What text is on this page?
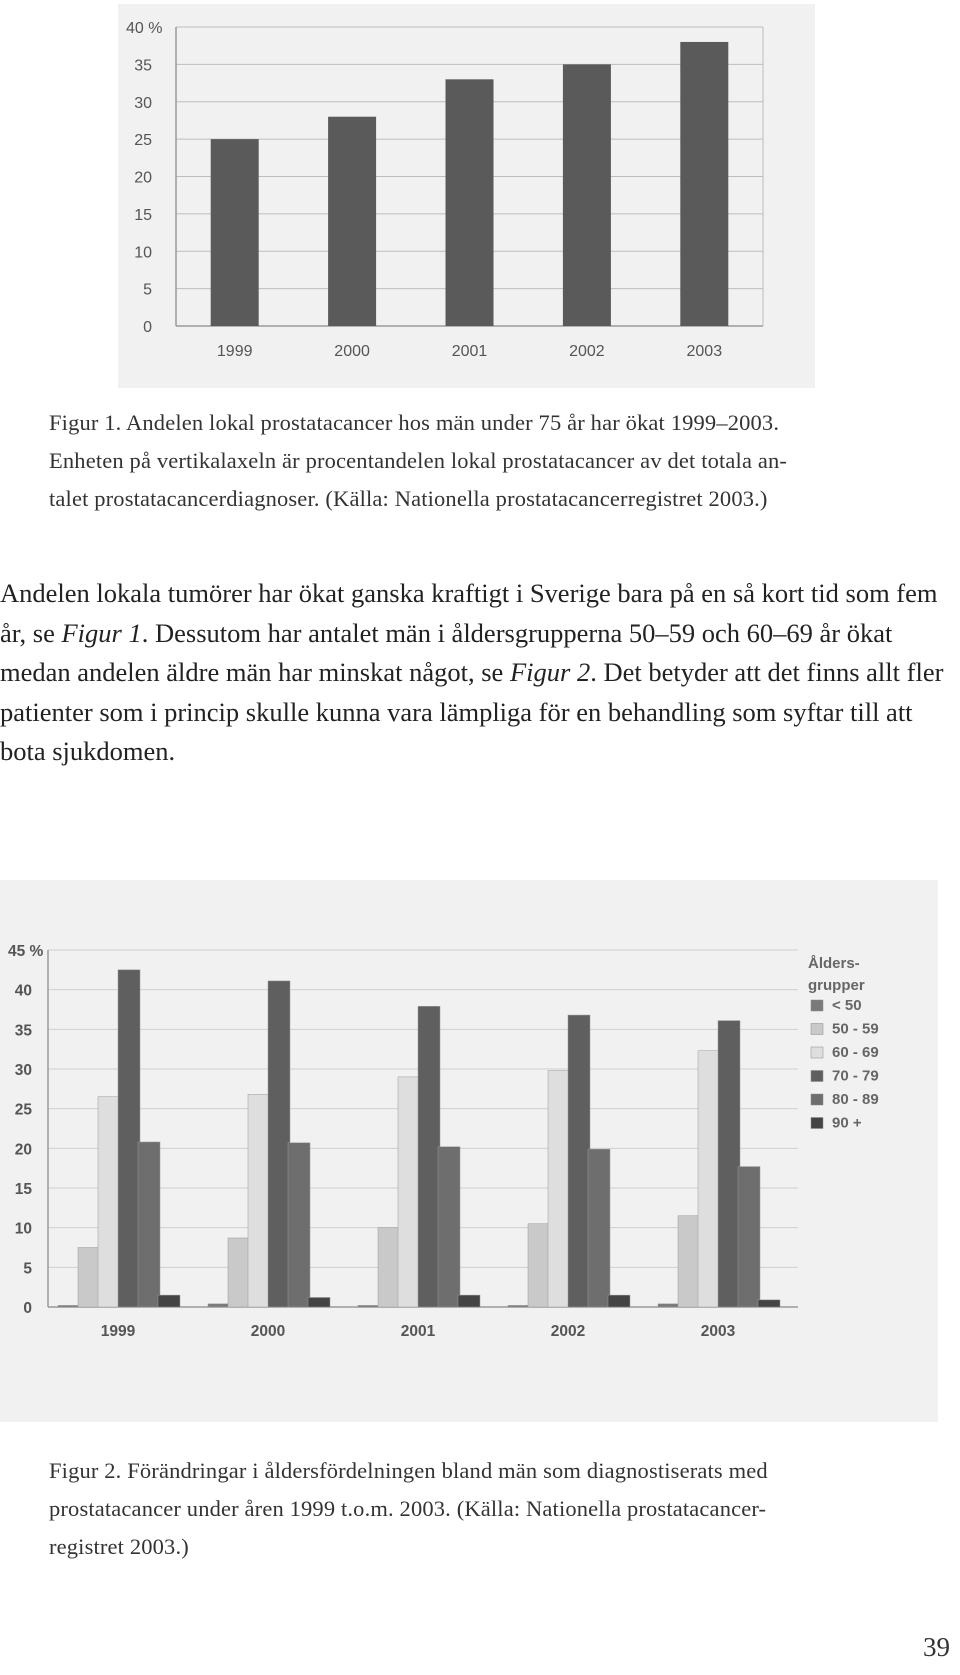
0
5
10
15
20
25
30
35
40 %
1999	2000	2001	2002	2003

Figur 1. Andelen lokal prostatacancer hos män under 75 år har ökat 1999–2003.

Enheten på vertikalaxeln är procentandelen lokal prostatacancer av det totala an-

talet prostatacancerdiagnoser. (Källa: Nationella prostatacancerregistret 2003.)

Andelen lokala tumörer har ökat ganska kraftigt i Sverige bara på en så kort tid som fem år, se Figur 1. Dessutom har antalet män i åldersgrupperna 50–59 och 60–69 år ökat medan andelen äldre män har minskat något, se Figur 2. Det betyder att det finns allt fler patienter som i princip skulle kunna vara lämpliga för en behandling som syftar till att bota sjukdomen.

0
5
10
15
20
25
30
35
40
45 %
1999	2000	2001	2002	2003
Ålders-
grupper
< 50
50 - 59
60 - 69
70 - 79
80 - 89
90 +

Figur 2. Förändringar i åldersfördelningen bland män som diagnostiserats med

prostatacancer under åren 1999 t.o.m. 2003. (Källa: Nationella prostatacancer-

registret 2003.)

39
